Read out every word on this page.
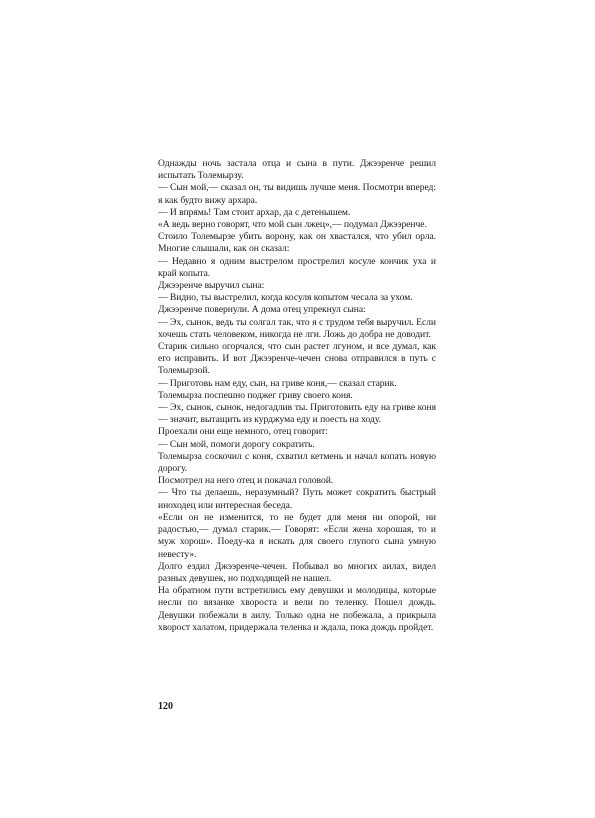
Однажды ночь застала отца и сына в пути. Джээренче решил испытать Толемырзу.

— Сын мой,— сказал он, ты видишь лучше меня. Посмотри вперед: я как будто вижу архара.

— И впрямь! Там стоит архар, да с детенышем.

«А ведь верно говорят, что мой сын лжец»,— подумал Джээренче.

Стоило Толемырзе убить ворону, как он хвастался, что убил орла. Многие слышали, как он сказал:

— Недавно я одним выстрелом прострелил косуле кончик уха и край копыта.

Джээренче выручил сына:

— Видно, ты выстрелил, когда косуля копытом чесала за ухом.

Джээренче повернули. А дома отец упрекнул сына:

— Эх, сынок, ведь ты солгал так, что я с трудом тебя выручил. Если хочешь стать человеком, никогда не лги. Ложь до добра не доводит.

Старик сильно огорчался, что сын растет лгуном, и все думал, как его исправить. И вот Джээренче-чечен снова отправился в путь с Толемырзой.

— Приготовь нам еду, сын, на гриве коня,— сказал старик.

Толемырза поспешно поджег гриву своего коня.

— Эх, сынок, сынок, недогадлив ты. Приготовить еду на гриве коня — значит, вытащить из курджума еду и поесть на ходу.

Проехали они еще немного, отец говорит:

— Сын мой, помоги дорогу сократить.

Толемырза соскочил с коня, схватил кетмень и начал копать новую дорогу.

Посмотрел на него отец и покачал головой.

— Что ты делаешь, неразумный? Путь может сократить быстрый иноходец или интересная беседа.

«Если он не изменится, то не будет для меня ни опорой, ни радостью,— думал старик.— Говорят: «Если жена хорошая, то и муж хорош». Поеду-ка я искать для своего глупого сына умную невесту».

Долго ездил Джээренче-чечен. Побывал во многих аилах, видел разных девушек, но подходящей не нашел.

На обратном пути встретились ему девушки и молодицы, которые несли по вязанке хвороста и вели по теленку. Пошел дождь. Девушки побежали в аилу. Только одна не побежала, а прикрыла хворост халатом, придержала теленка и ждала, пока дождь пройдет.

120
